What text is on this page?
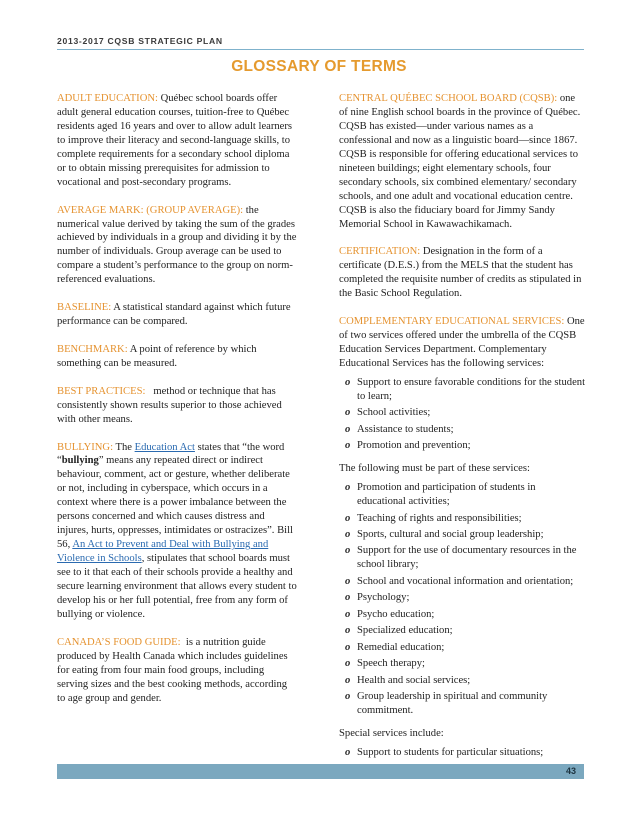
2013-2017 CQSB STRATEGIC PLAN
GLOSSARY OF TERMS

ADULT EDUCATION: Québec school boards offer adult general education courses, tuition-free to Québec residents aged 16 years and over to allow adult learners to improve their literacy and second-language skills, to complete requirements for a secondary school diploma or to obtain missing prerequisites for admission to vocational and post-secondary programs.

AVERAGE MARK: (GROUP AVERAGE): the numerical value derived by taking the sum of the grades achieved by individuals in a group and dividing it by the number of individuals. Group average can be used to compare a student’s performance to the group on norm-referenced evaluations.

BASELINE: A statistical standard against which future performance can be compared.

BENCHMARK: A point of reference by which something can be measured.

BEST PRACTICES:   method or technique that has consistently shown results superior to those achieved with other means.

BULLYING: The Education Act states that “the word “bullying” means any repeated direct or indirect behaviour, comment, act or gesture, whether deliberate or not, including in cyberspace, which occurs in a context where there is a power imbalance between the persons concerned and which causes distress and injures, hurts, oppresses, intimidates or ostracizes”. Bill 56, An Act to Prevent and Deal with Bullying and Violence in Schools, stipulates that school boards must see to it that each of their schools provide a healthy and secure learning environment that allows every student to develop his or her full potential, free from any form of bullying or violence.

CANADA’S FOOD GUIDE:  is a nutrition guide produced by Health Canada which includes guidelines for eating from four main food groups, including serving sizes and the best cooking methods, according to age group and gender.

CENTRAL QUÉBEC SCHOOL BOARD (CQSB): one of nine English school boards in the province of Québec. CQSB has existed—under various names as a confessional and now as a linguistic board—since 1867. CQSB is responsible for offering educational services to nineteen buildings; eight elementary schools, four secondary schools, six combined elementary/ secondary schools, and one adult and vocational education centre. CQSB is also the fiduciary board for Jimmy Sandy Memorial School in Kawawachikamach.

CERTIFICATION: Designation in the form of a certificate (D.E.S.) from the MELS that the student has completed the requisite number of credits as stipulated in the Basic School Regulation.

COMPLEMENTARY EDUCATIONAL SERVICES: One of two services offered under the umbrella of the CQSB Education Services Department. Complementary Educational Services has the following services:

o Support to ensure favorable conditions for the student to learn;
o School activities;
o Assistance to students;
o Promotion and prevention;

The following must be part of these services:

o Promotion and participation of students in educational activities;
o Teaching of rights and responsibilities;
o Sports, cultural and social group leadership;
o Support for the use of documentary resources in the school library;
o School and vocational information and orientation;
o Psychology;
o Psycho education;
o Specialized education;
o Remedial education;
o Speech therapy;
o Health and social services;
o Group leadership in spiritual and community commitment.

Special services include:

o Support to students for particular situations;
43
